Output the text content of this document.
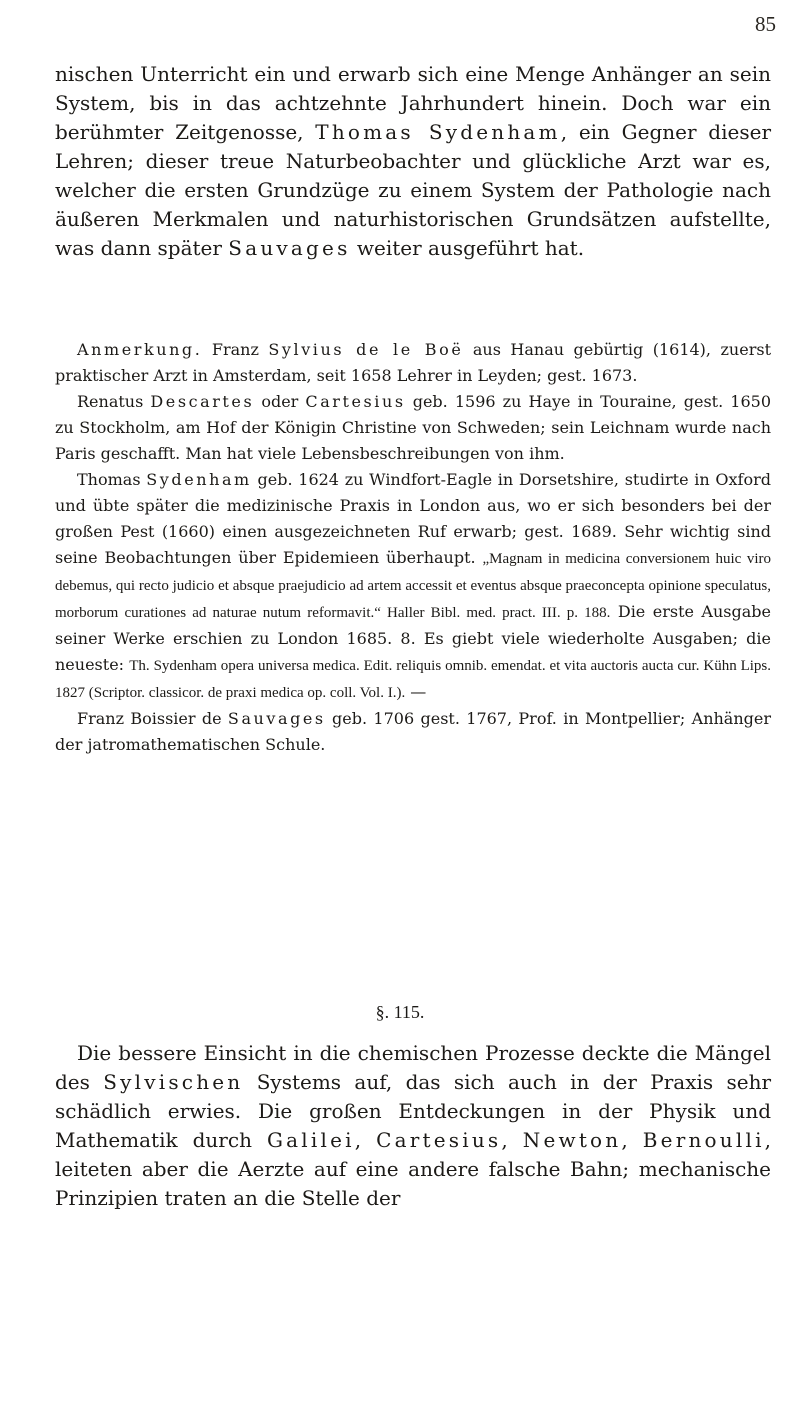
85

nischen Unterricht ein und erwarb sich eine Menge Anhänger an sein System, bis in das achtzehnte Jahrhundert hinein. Doch war ein berühmter Zeitgenosse, Thomas Sydenham, ein Gegner dieser Lehren; dieser treue Naturbeobachter und glückliche Arzt war es, welcher die ersten Grundzüge zu einem System der Pathologie nach äußeren Merkmalen und naturhistorischen Grundsätzen aufstellte, was dann später Sauvages weiter ausgeführt hat.

Anmerkung. Franz Sylvius de le Boë aus Hanau gebürtig (1614), zuerst praktischer Arzt in Amsterdam, seit 1658 Lehrer in Leyden; gest. 1673.

Renatus Descartes oder Cartesius geb. 1596 zu Haye in Touraine, gest. 1650 zu Stockholm, am Hof der Königin Christine von Schweden; sein Leichnam wurde nach Paris geschafft. Man hat viele Lebensbeschreibungen von ihm.

Thomas Sydenham geb. 1624 zu Windfort-Eagle in Dorsetshire, studirte in Oxford und übte später die medizinische Praxis in London aus, wo er sich besonders bei der großen Pest (1660) einen ausgezeichneten Ruf erwarb; gest. 1689. Sehr wichtig sind seine Beobachtungen über Epidemieen überhaupt. „Magnam in medicina conversionem huic viro debemus, qui recto judicio et absque praejudicio ad artem accessit et eventus absque praeconcepta opinione speculatus, morborum curationes ad naturae nutum reformavit.“ Haller Bibl. med. pract. III. p. 188. Die erste Ausgabe seiner Werke erschien zu London 1685. 8. Es giebt viele wiederholte Ausgaben; die neueste: Th. Sydenham opera universa medica. Edit. reliquis omnib. emendat. et vita auctoris aucta cur. Kühn Lips. 1827 (Scriptor. classicor. de praxi medica op. coll. Vol. I.). —

Franz Boissier de Sauvages geb. 1706 gest. 1767, Prof. in Montpellier; Anhänger der jatromathematischen Schule.

§. 115.

Die bessere Einsicht in die chemischen Prozesse deckte die Mängel des Sylvischen Systems auf, das sich auch in der Praxis sehr schädlich erwies. Die großen Entdeckungen in der Physik und Mathematik durch Galilei, Cartesius, Newton, Bernoulli, leiteten aber die Aerzte auf eine andere falsche Bahn; mechanische Prinzipien traten an die Stelle der
